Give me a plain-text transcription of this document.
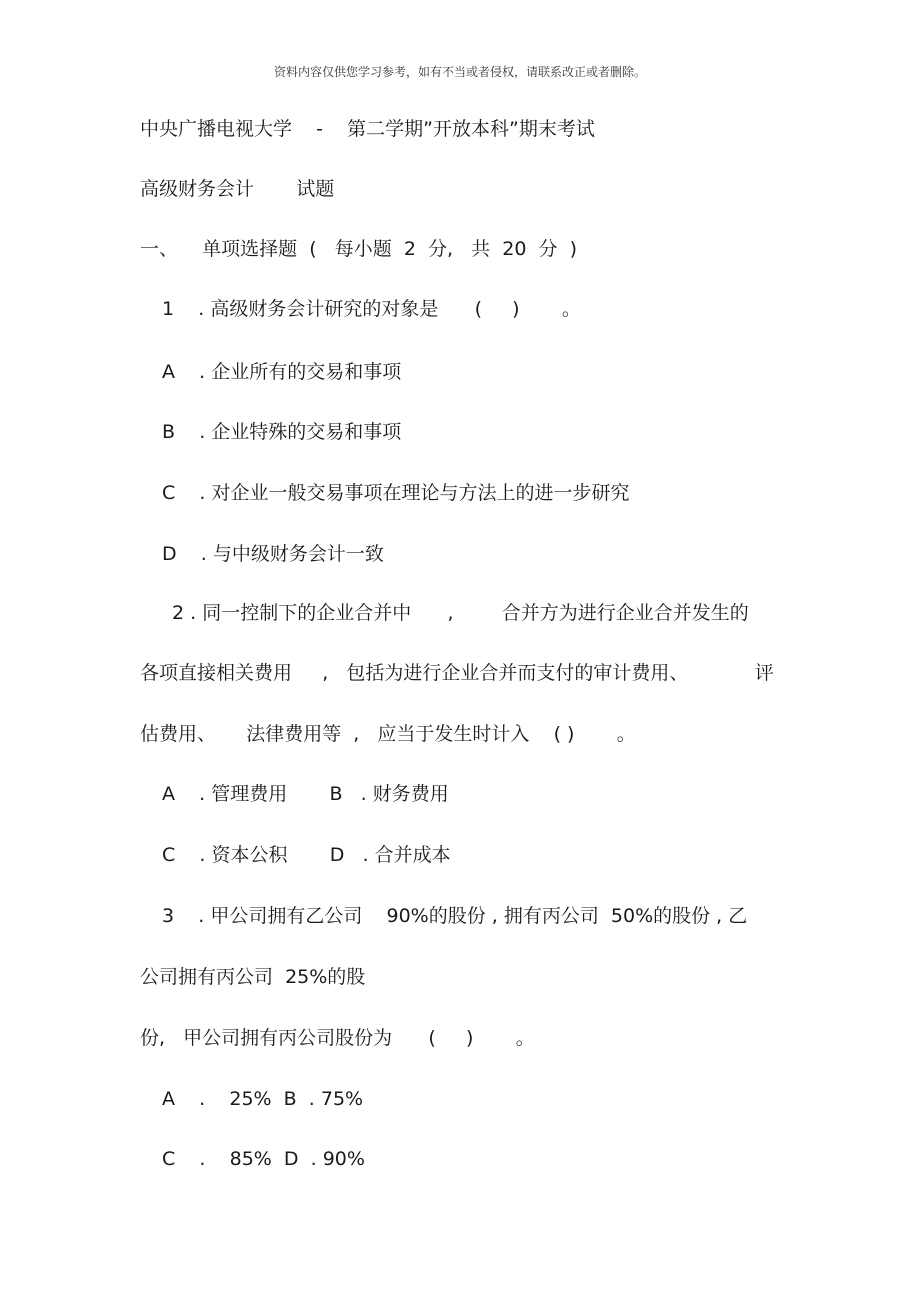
资料内容仅供您学习参考，如有不当或者侵权，请联系改正或者删除。
中央广播电视大学    -    第二学期”开放本科”期末考试
高级财务会计       试题
一、    单项选择题  (   每小题  2  分,   共  20  分  )
1    . 高级财务会计研究的对象是      (     )       。
A    . 企业所有的交易和事项
B    . 企业特殊的交易和事项
C    . 对企业一般交易事项在理论与方法上的进一步研究
D    . 与中级财务会计一致
2 . 同一控制下的企业合并中      ,        合并方为进行企业合并发生的
各项直接相关费用     ,   包括为进行企业合并而支付的审计费用、           评
估费用、     法律费用等  ,   应当于发生时计入    ( )       。
A    . 管理费用       B   . 财务费用
C    . 资本公积       D   . 合并成本
3    . 甲公司拥有乙公司    90%的股份 , 拥有丙公司  50%的股份 , 乙
公司拥有丙公司  25%的股
份,   甲公司拥有丙公司股份为      (     )       。
A    .    25%  B  . 75%
C    .    85%  D  . 90%
